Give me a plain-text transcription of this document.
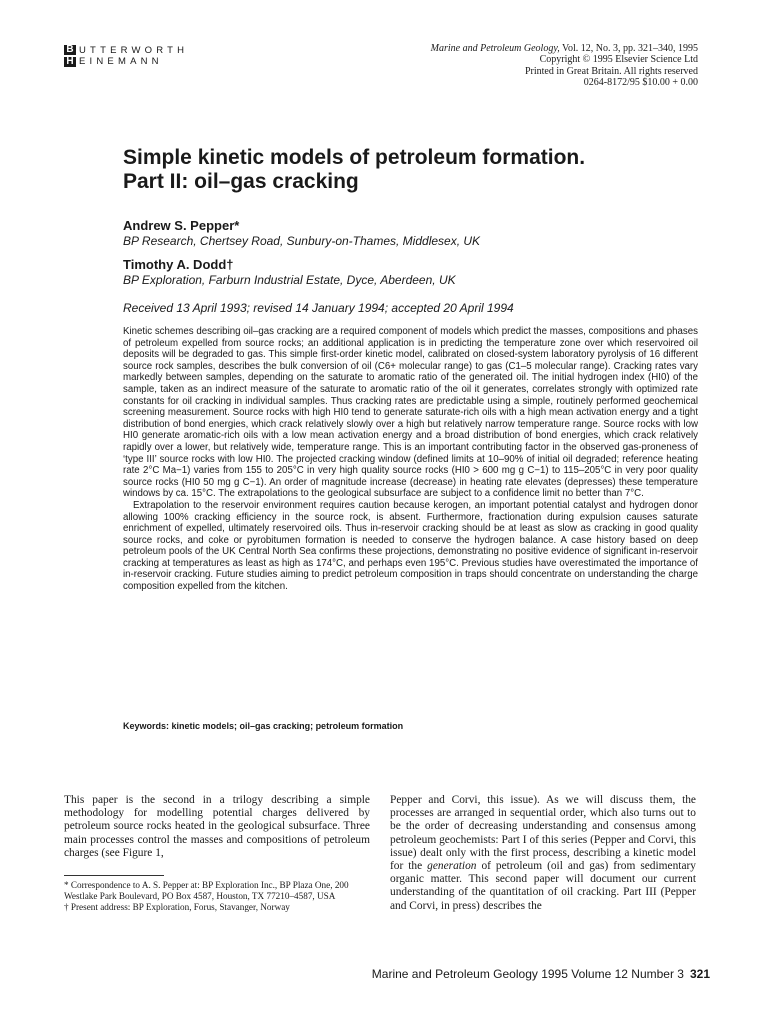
B
H
UTTERWORTH
EINEMANN
Marine and Petroleum Geology, Vol. 12, No. 3, pp. 321–340, 1995
Copyright © 1995 Elsevier Science Ltd
Printed in Great Britain. All rights reserved
0264-8172/95 $10.00 + 0.00
Simple kinetic models of petroleum formation.
Part II: oil–gas cracking
Andrew S. Pepper*
BP Research, Chertsey Road, Sunbury-on-Thames, Middlesex, UK
Timothy A. Dodd†
BP Exploration, Farburn Industrial Estate, Dyce, Aberdeen, UK
Received 13 April 1993; revised 14 January 1994; accepted 20 April 1994

Kinetic schemes describing oil–gas cracking are a required component of models which predict the masses, compositions and phases of petroleum expelled from source rocks; an additional application is in predicting the temperature zone over which reservoired oil deposits will be degraded to gas. This simple first-order kinetic model, calibrated on closed-system laboratory pyrolysis of 16 different source rock samples, describes the bulk conversion of oil (C6+ molecular range) to gas (C1–5 molecular range). Cracking rates vary markedly between samples, depending on the saturate to aromatic ratio of the generated oil. The initial hydrogen index (HI0) of the sample, taken as an indirect measure of the saturate to aromatic ratio of the oil it generates, correlates strongly with optimized rate constants for oil cracking in individual samples. Thus cracking rates are predictable using a simple, routinely performed geochemical screening measurement. Source rocks with high HI0 tend to generate saturate-rich oils with a high mean activation energy and a tight distribution of bond energies, which crack relatively slowly over a high but relatively narrow temperature range. Source rocks with low HI0 generate aromatic-rich oils with a low mean activation energy and a broad distribution of bond energies, which crack relatively rapidly over a lower, but relatively wide, temperature range. This is an important contributing factor in the observed gas-proneness of ‘type III’ source rocks with low HI0. The projected cracking window (defined limits at 10–90% of initial oil degraded; reference heating rate 2°C Ma−1) varies from 155 to 205°C in very high quality source rocks (HI0 > 600 mg g C−1) to 115–205°C in very poor quality source rocks (HI0 50 mg g C−1). An order of magnitude increase (decrease) in heating rate elevates (depresses) these temperature windows by ca. 15°C. The extrapolations to the geological subsurface are subject to a confidence limit no better than 7°C.

Extrapolation to the reservoir environment requires caution because kerogen, an important potential catalyst and hydrogen donor allowing 100% cracking efficiency in the source rock, is absent. Furthermore, fractionation during expulsion causes saturate enrichment of expelled, ultimately reservoired oils. Thus in-reservoir cracking should be at least as slow as cracking in good quality source rocks, and coke or pyrobitumen formation is needed to conserve the hydrogen balance. A case history based on deep petroleum pools of the UK Central North Sea confirms these projections, demonstrating no positive evidence of significant in-reservoir cracking at temperatures as least as high as 174°C, and perhaps even 195°C. Previous studies have overestimated the importance of in-reservoir cracking. Future studies aiming to predict petroleum composition in traps should concentrate on understanding the charge composition expelled from the kitchen.

Keywords: kinetic models; oil–gas cracking; petroleum formation

This paper is the second in a trilogy describing a simple methodology for modelling potential charges delivered by petroleum source rocks heated in the geological subsurface. Three main processes control the masses and compositions of petroleum charges (see Figure 1,

Pepper and Corvi, this issue). As we will discuss them, the processes are arranged in sequential order, which also turns out to be the order of decreasing understanding and consensus among petroleum geochemists: Part I of this series (Pepper and Corvi, this issue) dealt only with the first process, describing a kinetic model for the generation of petroleum (oil and gas) from sedimentary organic matter. This second paper will document our current understanding of the quantitation of oil cracking. Part III (Pepper and Corvi, in press) describes the

* Correspondence to A. S. Pepper at: BP Exploration Inc., BP Plaza One, 200 Westlake Park Boulevard, PO Box 4587, Houston, TX 77210–4587, USA

† Present address: BP Exploration, Forus, Stavanger, Norway

Marine and Petroleum Geology 1995 Volume 12 Number 3 321
